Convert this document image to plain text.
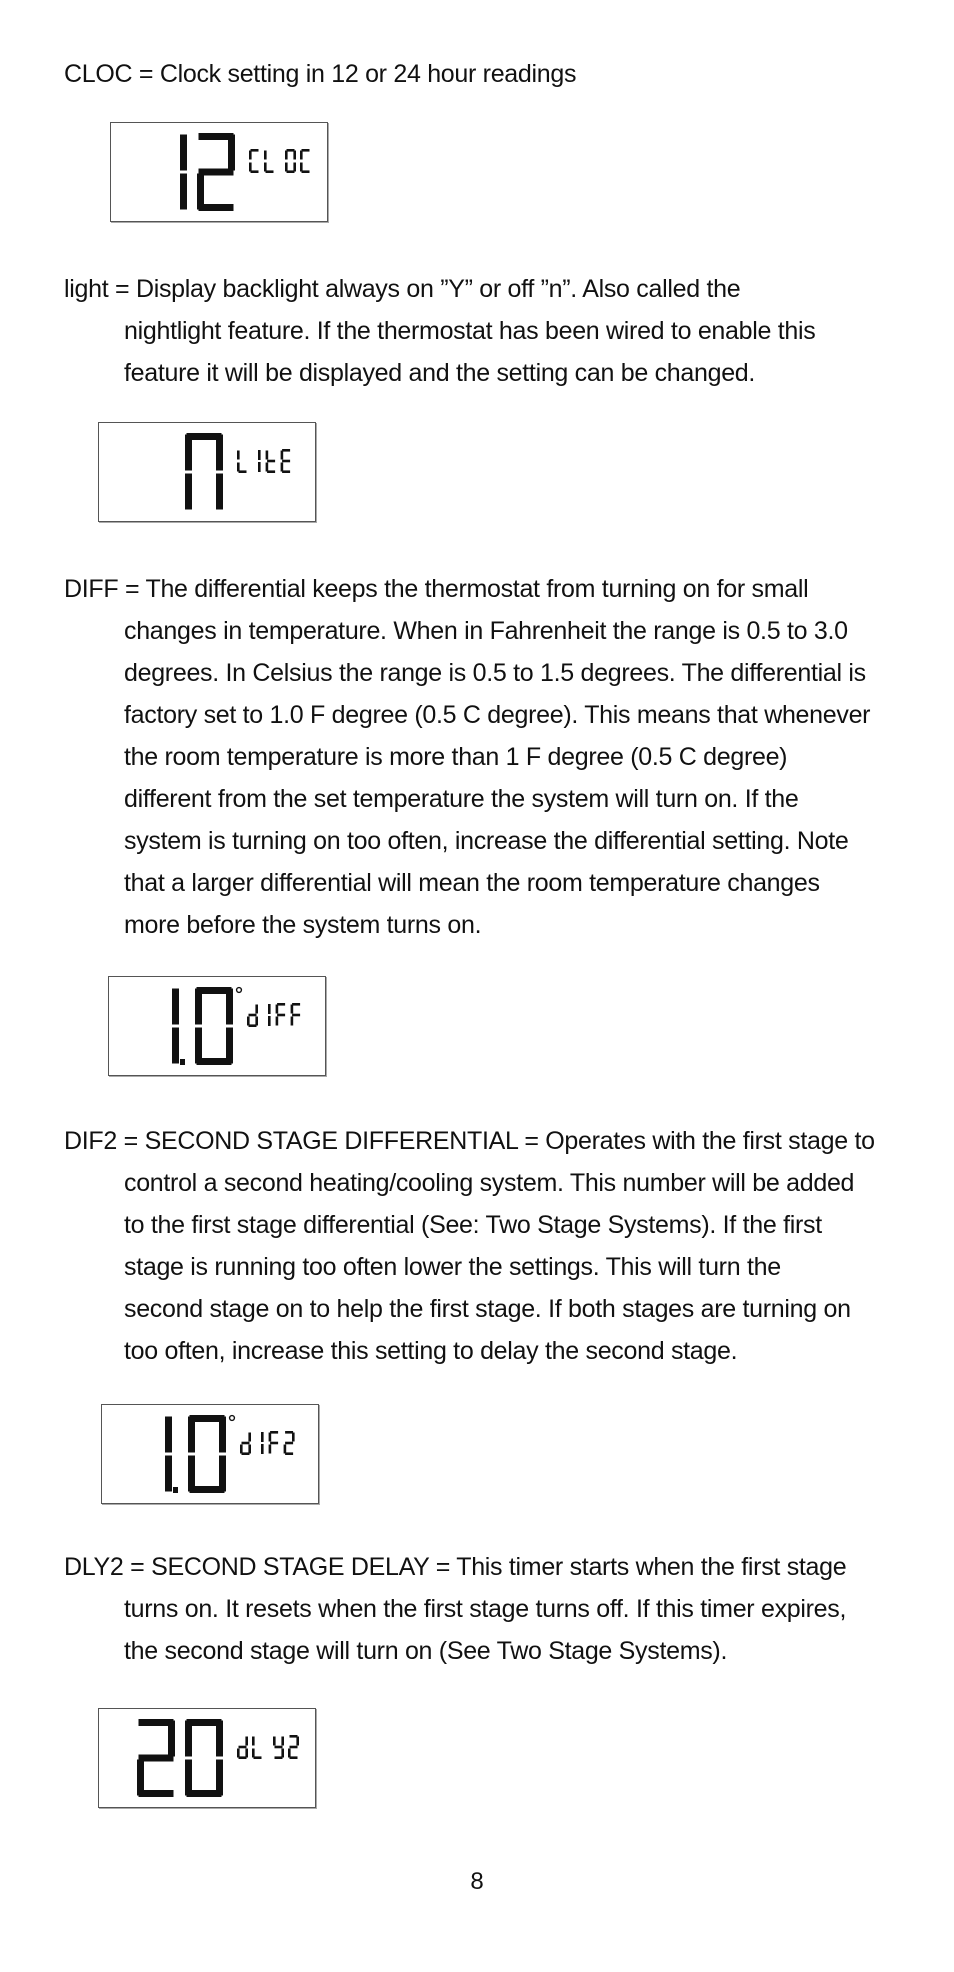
CLOC = Clock setting in 12 or 24 hour readings
light = Display backlight always on ”Y” or off ”n”. Also called the
nightlight feature. If the thermostat has been wired to enable this
feature it will be displayed and the setting can be changed.
DIFF = The differential keeps the thermostat from turning on for small
changes in temperature. When in Fahrenheit the range is 0.5 to 3.0
degrees. In Celsius the range is 0.5 to 1.5 degrees. The differential is
factory set to 1.0 F degree (0.5 C degree). This means that whenever
the room temperature is more than 1 F degree (0.5 C degree)
different from the set temperature the system will turn on. If the
system is turning on too often, increase the differential setting. Note
that a larger differential will mean the room temperature changes
more before the system turns on.
DIF2 = SECOND STAGE DIFFERENTIAL = Operates with the first stage to
control a second heating/cooling system. This number will be added
to the first stage differential (See: Two Stage Systems). If the first
stage is running too often lower the settings. This will turn the
second stage on to help the first stage. If both stages are turning on
too often, increase this setting to delay the second stage.
DLY2 = SECOND STAGE DELAY = This timer starts when the first stage
turns on. It resets when the first stage turns off. If this timer expires,
the second stage will turn on (See Two Stage Systems).
8
